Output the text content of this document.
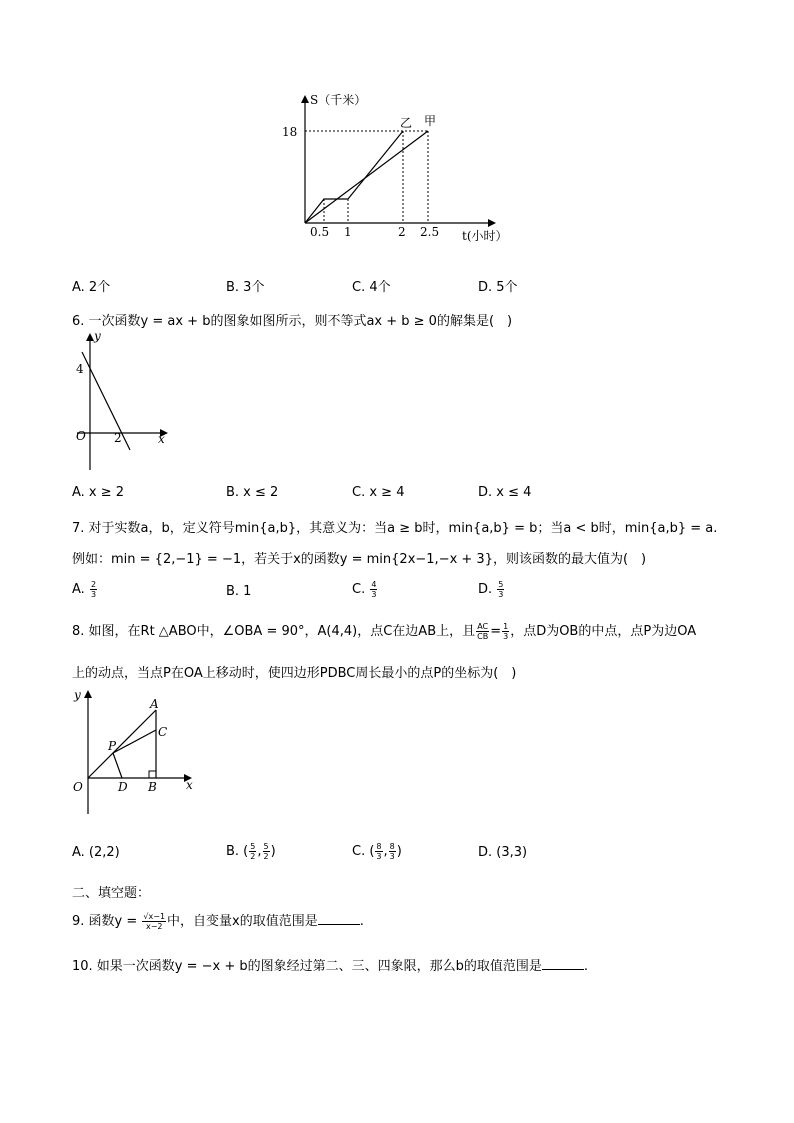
S（千米）
18
0.5 1	2 2.5 t(小时）
乙 甲
A. 2个	B. 3个	C. 4个	D. 5个
6. 一次函数y = ax + b的图象如图所示，则不等式ax + b ≥ 0的解集是(　)
y
4
O 2	x
A. x ≥ 2	B. x ≤ 2	C. x ≥ 4	D. x ≤ 4
7. 对于实数a，b，定义符号min{a,b}，其意义为：当a ≥ b时，min{a,b} = b；当a < b时，min{a,b} = a.
例如：min = {2,−1} = −1，若关于x的函数y = min{2x−1,−x + 3}，则该函数的最大值为(　)
A. $\frac{2}{3}$	B. 1	C. $\frac{4}{3}$	D. $\frac{5}{3}$
8. 如图，在Rt △ABO中，∠OBA = 90°，A(4,4)，点C在边AB上，且 $\frac{AC}{CB} = \frac{1}{3}$ ，点D为OB的中点，点P为边OA
上的动点，当点P在OA上移动时，使四边形PDBC周长最小的点P的坐标为(　)
y
A
C
P
O	D B x
A. (2,2)	B. ( $\frac{5}{2}$ , $\frac{5}{2}$ )	C. ( $\frac{8}{3}$ , $\frac{8}{3}$ )	D. (3,3)
二、填空题：
9. 函数$y = \frac{√x-1}{x-2}$ 中，自变量x的取值范围是	.
10. 如果一次函数y = −x + b的图象经过第二、三、四象限，那么b的取值范围是	.
